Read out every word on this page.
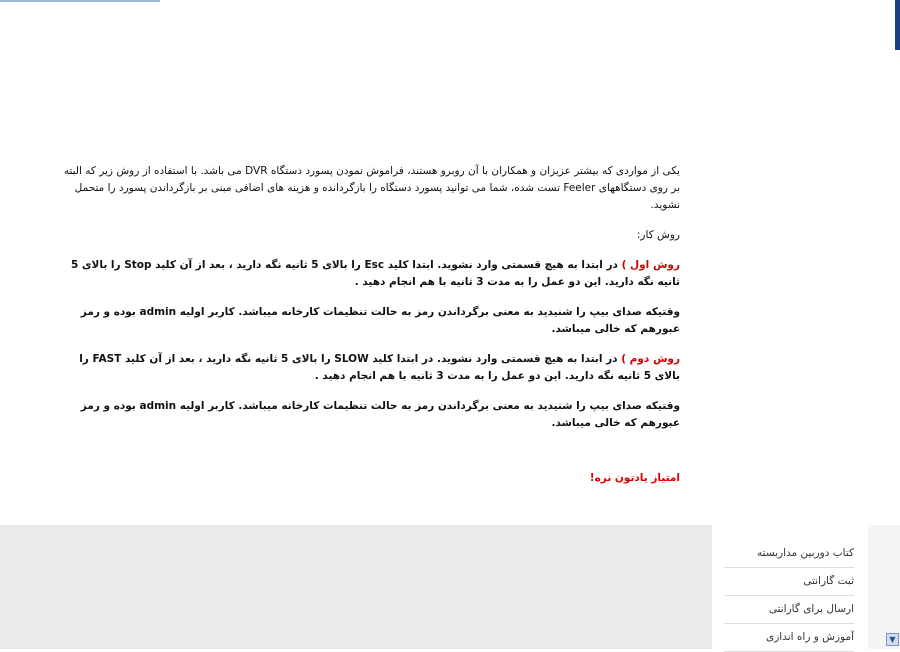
یکی از مواردی که بیشتر عزیزان و همکاران با آن روبرو هستند، فراموش نمودن پسورد دستگاه DVR می باشد. با استفاده از روش زیر که البته بر روی دستگاههای Feeler تست شده، شما می توانید پسورد دستگاه را بازگردانده و هزینه های اضافی مبنی بر بازگرداندن پسورد را متحمل نشوید.

روش کار:

روش اول ) در ابتدا به هیچ قسمتی وارد نشوید. ابتدا کلید Esc را بالای 5 ثانیه نگه دارید ، بعد از آن کلید Stop را بالای 5 ثانیه نگه دارید. این دو عمل را به مدت 3 ثانیه با هم انجام دهید .

وقتیکه صدای بیپ را شنیدید به معنی برگرداندن رمز به حالت تنظیمات کارخانه میباشد. کاربر اولیه admin بوده و رمز عبورهم که خالی میباشد.

روش دوم ) در ابتدا به هیچ قسمتی وارد نشوید. در ابتدا کلید SLOW را بالای 5 ثانیه نگه دارید ، بعد از آن کلید FAST را بالای 5 ثانیه نگه دارید. این دو عمل را به مدت 3 ثانیه با هم انجام دهید .

وقتیکه صدای بیپ را شنیدید به معنی برگرداندن رمز به حالت تنظیمات کارخانه میباشد. کاربر اولیه admin بوده و رمز عبورهم که خالی میباشد.

امتیاز یادتون نره!

کتاب دوربین مداربسته
ثبت گارانتی
ارسال برای گارانتی
آموزش و راه اندازی	▼
